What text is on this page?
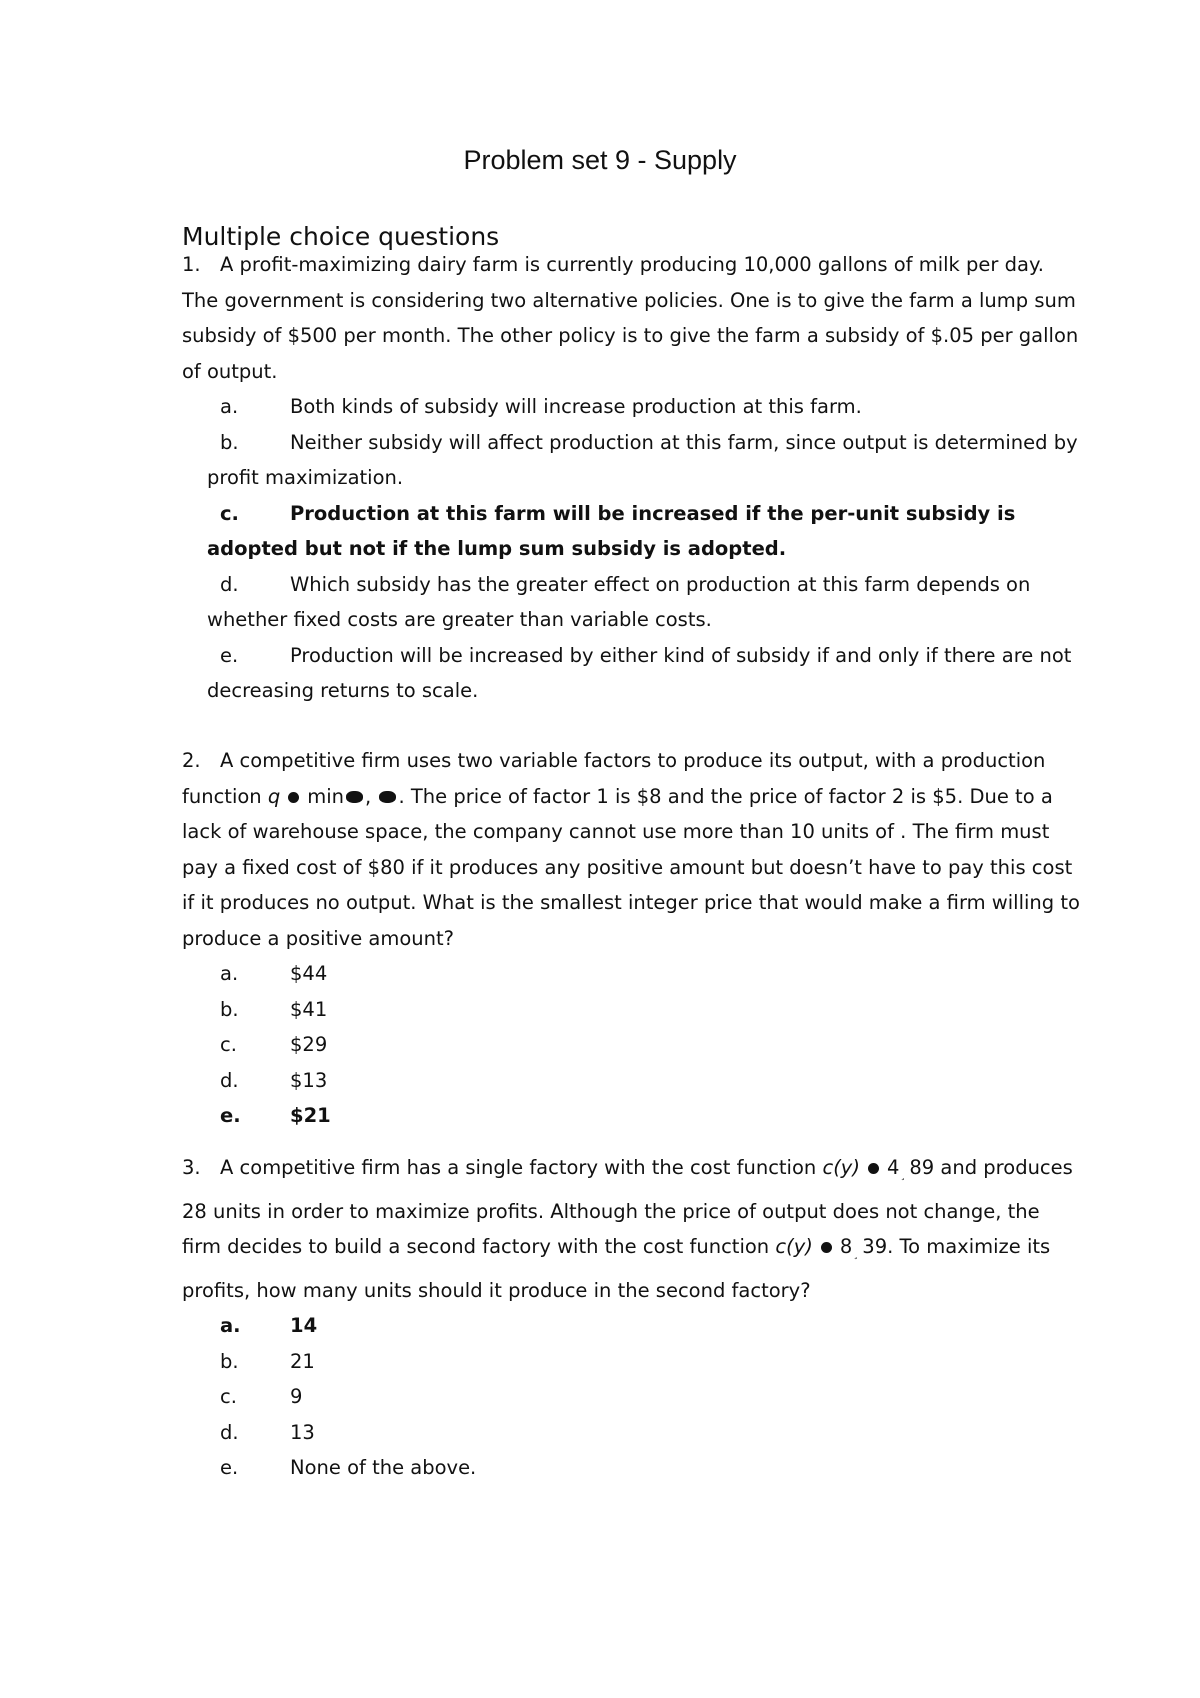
Problem set 9 - Supply
Multiple choice questions

1. A profit-maximizing dairy farm is currently producing 10,000 gallons of milk per day. The government is considering two alternative policies. One is to give the farm a lump sum subsidy of $500 per month. The other policy is to give the farm a subsidy of $.05 per gallon of output.

a.	Both kinds of subsidy will increase production at this farm.

b.	Neither subsidy will affect production at this farm, since output is determined by profit maximization.

c.	Production at this farm will be increased if the per-unit subsidy is adopted but not if the lump sum subsidy is adopted.

d.	Which subsidy has the greater effect on production at this farm depends on whether fixed costs are greater than variable costs.

e.	Production will be increased by either kind of subsidy if and only if there are not decreasing returns to scale.

2. A competitive firm uses two variable factors to produce its output, with a production function q min , . The price of factor 1 is $8 and the price of factor 2 is $5. Due to a lack of warehouse space, the company cannot use more than 10 units of . The firm must pay a fixed cost of $80 if it produces any positive amount but doesn’t have to pay this cost if it produces no output. What is the smallest integer price that would make a firm willing to produce a positive amount?

a.	$44

b.	$41

c.	$29

d.	$13

e.	$21

3. A competitive firm has a single factory with the cost function c(y) $4_¸$ 89 and produces 28 units in order to maximize profits. Although the price of output does not change, the firm decides to build a second factory with the cost function c(y) $8_¸$ 39. To maximize its profits, how many units should it produce in the second factory?

a.	14

b.	21

c.	9

d.	13

e.	None of the above.
